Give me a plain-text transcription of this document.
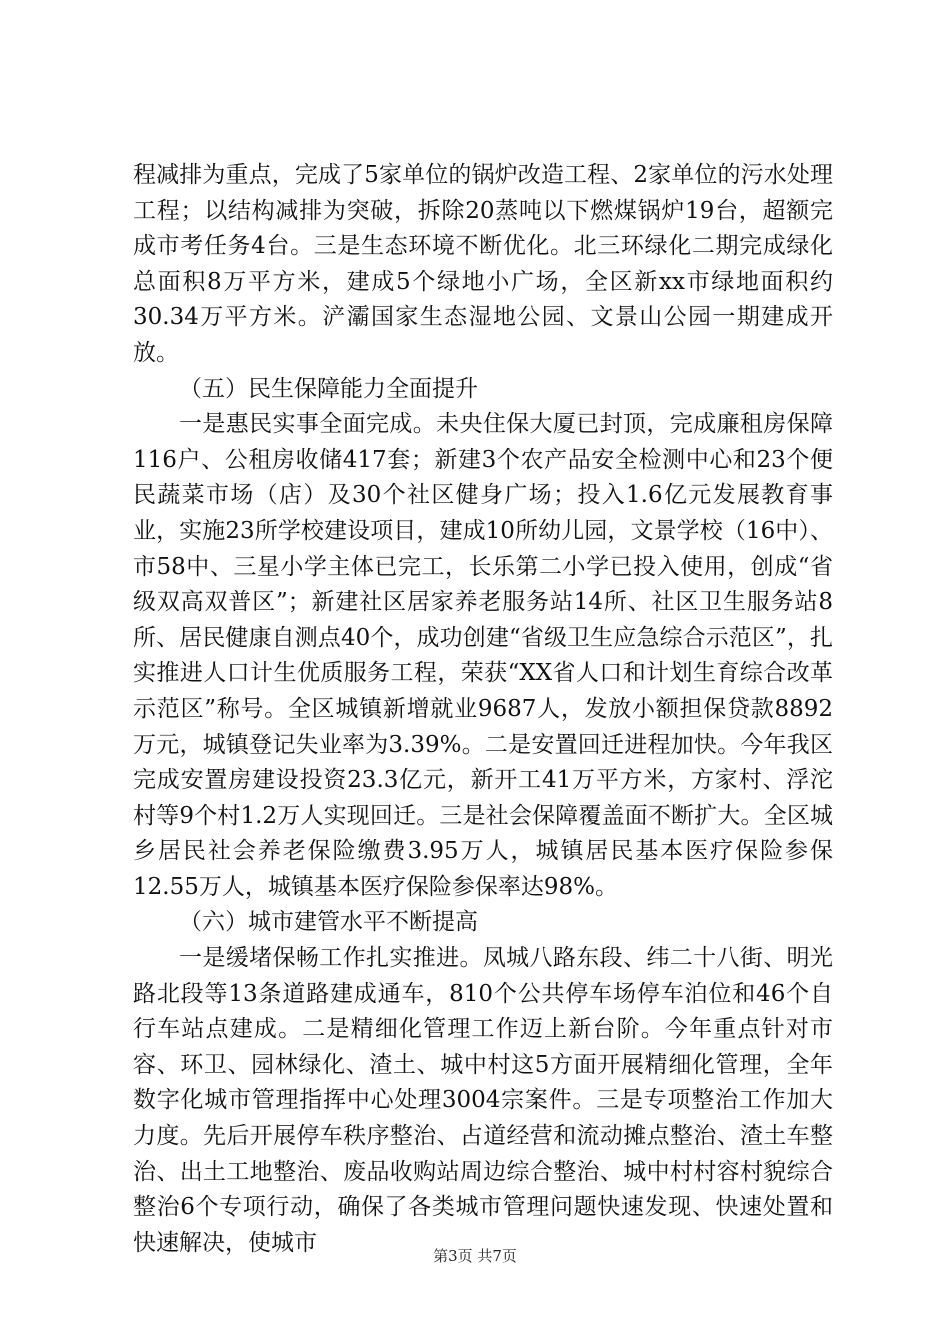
程减排为重点，完成了5家单位的锅炉改造工程、2家单位的污水处理工程；以结构减排为突破，拆除20蒸吨以下燃煤锅炉19台，超额完成市考任务4台。三是生态环境不断优化。北三环绿化二期完成绿化总面积8万平方米，建成5个绿地小广场，全区新xx市绿地面积约30.34万平方米。浐灞国家生态湿地公园、文景山公园一期建成开放。

（五）民生保障能力全面提升

一是惠民实事全面完成。未央住保大厦已封顶，完成廉租房保障116户、公租房收储417套；新建3个农产品安全检测中心和23个便民蔬菜市场（店）及30个社区健身广场；投入1.6亿元发展教育事业，实施23所学校建设项目，建成10所幼儿园，文景学校（16中）、市58中、三星小学主体已完工，长乐第二小学已投入使用，创成“省级双高双普区”；新建社区居家养老服务站14所、社区卫生服务站8所、居民健康自测点40个，成功创建“省级卫生应急综合示范区”，扎实推进人口计生优质服务工程，荣获“XX省人口和计划生育综合改革示范区”称号。全区城镇新增就业9687人，发放小额担保贷款8892万元，城镇登记失业率为3.39%。二是安置回迁进程加快。今年我区完成安置房建设投资23.3亿元，新开工41万平方米，方家村、浮沱村等9个村1.2万人实现回迁。三是社会保障覆盖面不断扩大。全区城乡居民社会养老保险缴费3.95万人，城镇居民基本医疗保险参保12.55万人，城镇基本医疗保险参保率达98%。

（六）城市建管水平不断提高

一是缓堵保畅工作扎实推进。凤城八路东段、纬二十八街、明光路北段等13条道路建成通车，810个公共停车场停车泊位和46个自行车站点建成。二是精细化管理工作迈上新台阶。今年重点针对市容、环卫、园林绿化、渣土、城中村这5方面开展精细化管理，全年数字化城市管理指挥中心处理3004宗案件。三是专项整治工作加大力度。先后开展停车秩序整治、占道经营和流动摊点整治、渣土车整治、出土工地整治、废品收购站周边综合整治、城中村村容村貌综合整治6个专项行动，确保了各类城市管理问题快速发现、快速处置和快速解决，使城市

第3页 共7页
